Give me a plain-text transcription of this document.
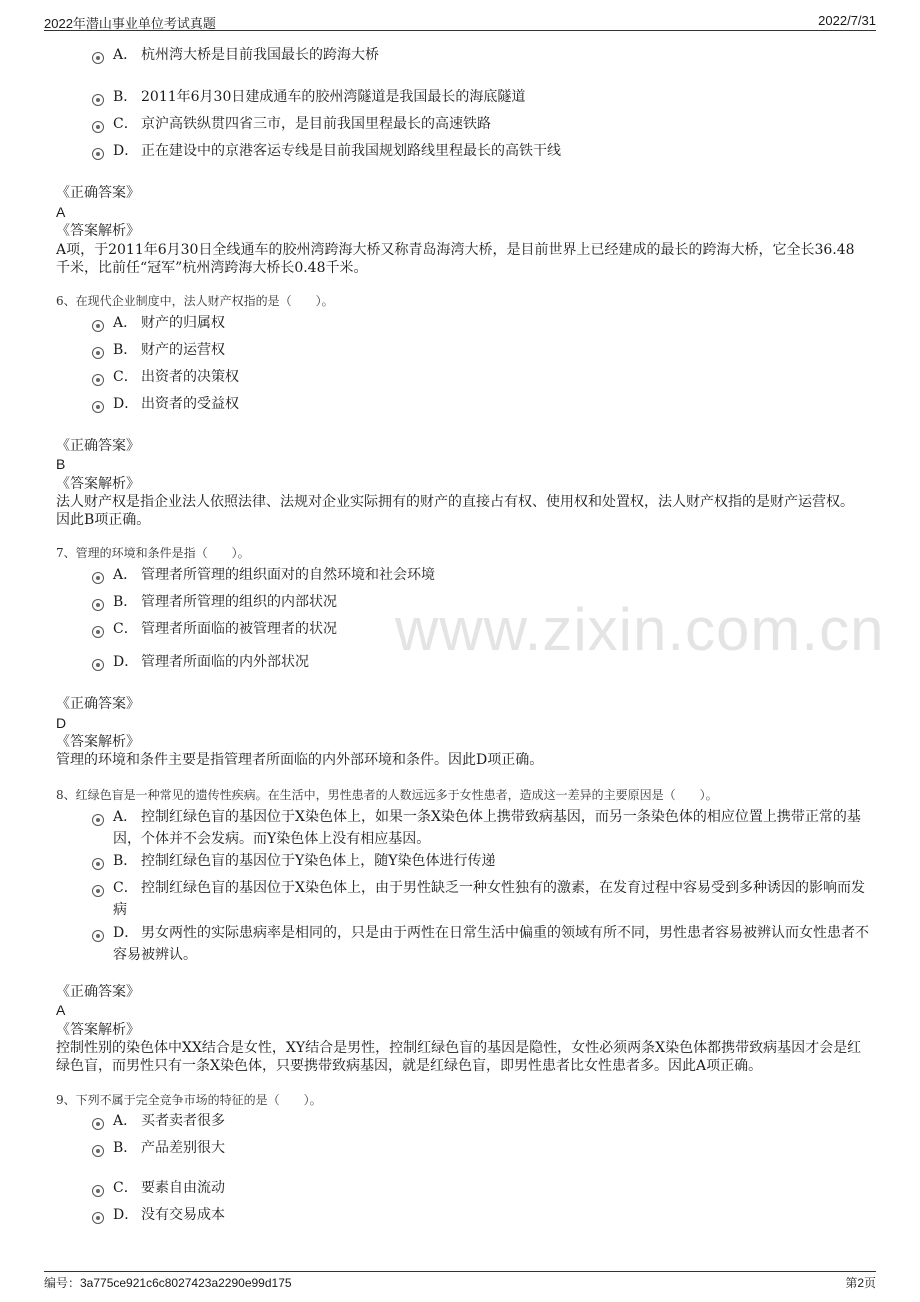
2022年潜山事业单位考试真题	2022/7/31
www.zixin.com.cn
A． 杭州湾大桥是目前我国最长的跨海大桥
B． 2011年6月30日建成通车的胶州湾隧道是我国最长的海底隧道
C． 京沪高铁纵贯四省三市，是目前我国里程最长的高速铁路
D． 正在建设中的京港客运专线是目前我国规划路线里程最长的高铁干线
《正确答案》
A
《答案解析》
A项，于2011年6月30日全线通车的胶州湾跨海大桥又称青岛海湾大桥，是目前世界上已经建成的最长的跨海大桥，它全长36.48千米，比前任“冠军”杭州湾跨海大桥长0.48千米。
6、在现代企业制度中，法人财产权指的是（　　）。
A． 财产的归属权
B． 财产的运营权
C． 出资者的决策权
D． 出资者的受益权
《正确答案》
B
《答案解析》
法人财产权是指企业法人依照法律、法规对企业实际拥有的财产的直接占有权、使用权和处置权，法人财产权指的是财产运营权。因此B项正确。
7、管理的环境和条件是指（　　）。
A． 管理者所管理的组织面对的自然环境和社会环境
B． 管理者所管理的组织的内部状况
C． 管理者所面临的被管理者的状况
D． 管理者所面临的内外部状况
《正确答案》
D
《答案解析》
管理的环境和条件主要是指管理者所面临的内外部环境和条件。因此D项正确。
8、红绿色盲是一种常见的遗传性疾病。在生活中，男性患者的人数远远多于女性患者，造成这一差异的主要原因是（　　）。
A． 控制红绿色盲的基因位于X染色体上，如果一条X染色体上携带致病基因，而另一条染色体的相应位置上携带正常的基因，个体并不会发病。而Y染色体上没有相应基因。
B． 控制红绿色盲的基因位于Y染色体上，随Y染色体进行传递
C． 控制红绿色盲的基因位于X染色体上，由于男性缺乏一种女性独有的激素，在发育过程中容易受到多种诱因的影响而发病
D． 男女两性的实际患病率是相同的，只是由于两性在日常生活中偏重的领域有所不同，男性患者容易被辨认而女性患者不容易被辨认。
《正确答案》
A
《答案解析》
控制性别的染色体中XX结合是女性，XY结合是男性，控制红绿色盲的基因是隐性，女性必须两条X染色体都携带致病基因才会是红绿色盲，而男性只有一条X染色体，只要携带致病基因，就是红绿色盲，即男性患者比女性患者多。因此A项正确。
9、下列不属于完全竞争市场的特征的是（　　）。
A． 买者卖者很多
B． 产品差别很大
C． 要素自由流动
D． 没有交易成本
编号：3a775ce921c6c8027423a2290e99d175	第2页
